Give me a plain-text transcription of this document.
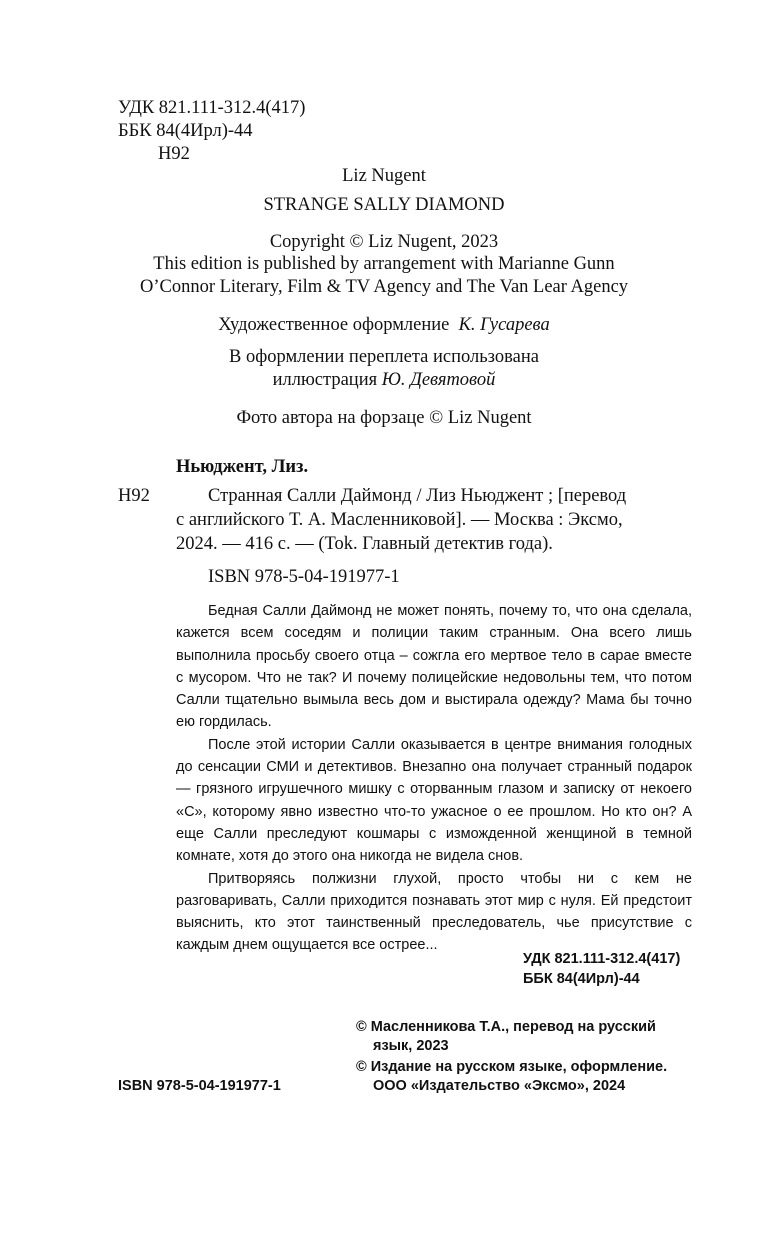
УДК 821.111-312.4(417)
ББК 84(4Ирл)-44
Н92
Liz Nugent
STRANGE SALLY DIAMOND
Copyright © Liz Nugent, 2023
This edition is published by arrangement with Marianne Gunn
O’Connor Literary, Film & TV Agency and The Van Lear Agency
Художественное оформление К. Гусарева
В оформлении переплета использована
иллюстрация Ю. Девятовой
Фото автора на форзаце © Liz Nugent
Ньюджент, Лиз.
Н92	Странная Салли Даймонд / Лиз Ньюджент ; [перевод
с английского Т. А. Масленниковой]. — Москва : Эксмо,
2024. — 416 с. — (Tok. Главный детектив года).
ISBN 978-5-04-191977-1

Бедная Салли Даймонд не может понять, почему то, что она сделала, кажется всем соседям и полиции таким странным. Она всего лишь выполнила просьбу своего отца – сожгла его мертвое тело в сарае вместе с мусором. Что не так? И почему полицейские недовольны тем, что потом Салли тщательно вымыла весь дом и выстирала одежду? Мама бы точно ею гордилась.

После этой истории Салли оказывается в центре внимания голодных до сенсации СМИ и детективов. Внезапно она получает странный подарок — грязного игрушечного мишку с оторванным глазом и записку от некоего «С», которому явно известно что-то ужасное о ее прошлом. Но кто он? А еще Салли преследуют кошмары с изможденной женщиной в темной комнате, хотя до этого она никогда не видела снов.

Притворяясь полжизни глухой, просто чтобы ни с кем не разговаривать, Салли приходится познавать этот мир с нуля. Ей предстоит выяснить, кто этот таинственный преследователь, чье присутствие с каждым днем ощущается все острее...

УДК 821.111-312.4(417)
ББК 84(4Ирл)-44
© Масленникова Т.А., перевод на русский
язык, 2023
© Издание на русском языке, оформление.
ООО «Издательство «Эксмо», 2024
ISBN 978-5-04-191977-1
